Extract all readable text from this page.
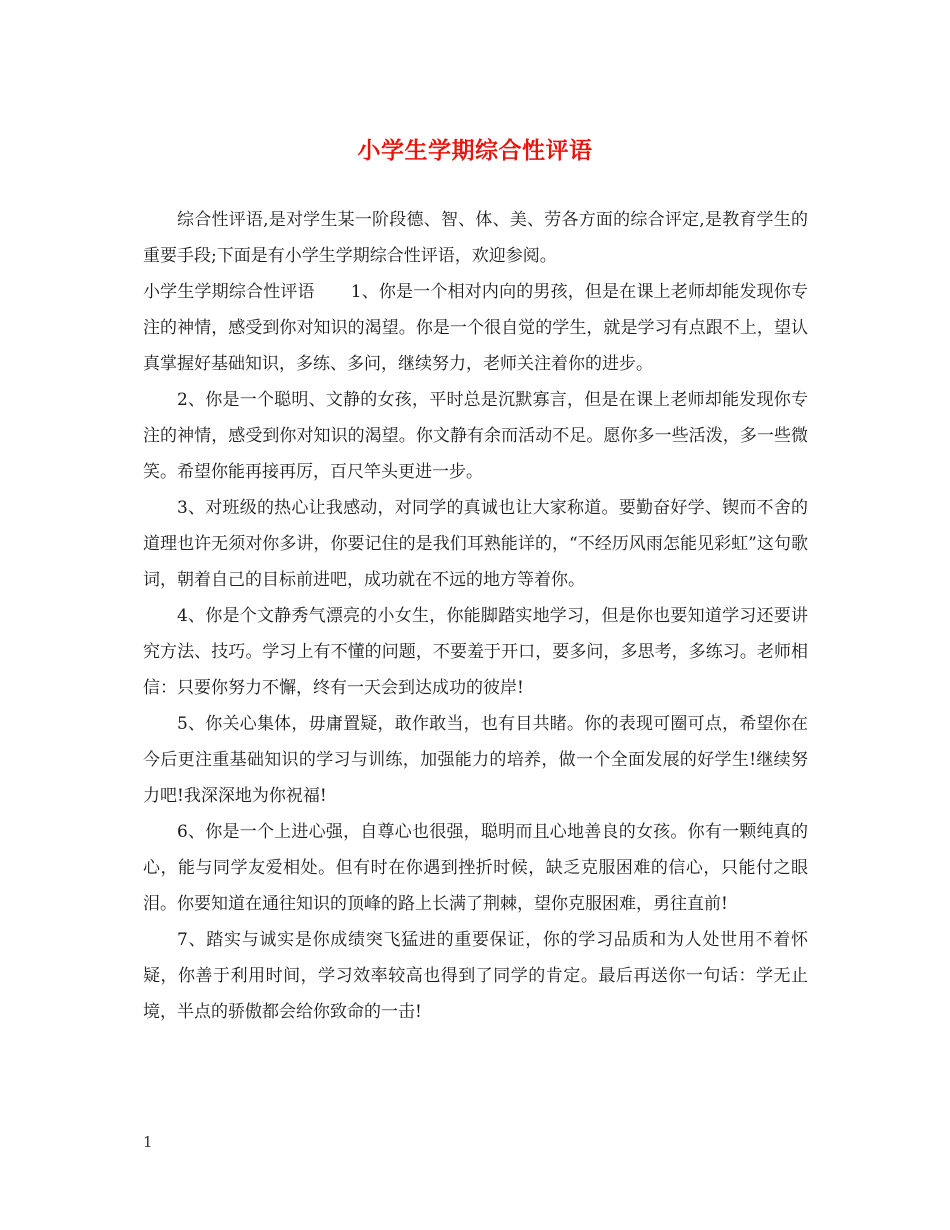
小学生学期综合性评语

综合性评语,是对学生某一阶段德、智、体、美、劳各方面的综合评定,是教育学生的重要手段;下面是有小学生学期综合性评语，欢迎参阅。

小学生学期综合性评语 1、你是一个相对内向的男孩，但是在课上老师却能发现你专注的神情，感受到你对知识的渴望。你是一个很自觉的学生，就是学习有点跟不上，望认真掌握好基础知识，多练、多问，继续努力，老师关注着你的进步。

2、你是一个聪明、文静的女孩，平时总是沉默寡言，但是在课上老师却能发现你专注的神情，感受到你对知识的渴望。你文静有余而活动不足。愿你多一些活泼，多一些微笑。希望你能再接再厉，百尺竿头更进一步。

3、对班级的热心让我感动，对同学的真诚也让大家称道。要勤奋好学、锲而不舍的道理也许无须对你多讲，你要记住的是我们耳熟能详的，“不经历风雨怎能见彩虹”这句歌词，朝着自己的目标前进吧，成功就在不远的地方等着你。

4、你是个文静秀气漂亮的小女生，你能脚踏实地学习，但是你也要知道学习还要讲究方法、技巧。学习上有不懂的问题，不要羞于开口，要多问，多思考，多练习。老师相信：只要你努力不懈，终有一天会到达成功的彼岸!

5、你关心集体，毋庸置疑，敢作敢当，也有目共睹。你的表现可圈可点，希望你在今后更注重基础知识的学习与训练，加强能力的培养，做一个全面发展的好学生!继续努力吧!我深深地为你祝福!

6、你是一个上进心强，自尊心也很强，聪明而且心地善良的女孩。你有一颗纯真的心，能与同学友爱相处。但有时在你遇到挫折时候，缺乏克服困难的信心，只能付之眼泪。你要知道在通往知识的顶峰的路上长满了荆棘，望你克服困难，勇往直前!

7、踏实与诚实是你成绩突飞猛进的重要保证，你的学习品质和为人处世用不着怀疑，你善于利用时间，学习效率较高也得到了同学的肯定。最后再送你一句话：学无止境，半点的骄傲都会给你致命的一击!

1
